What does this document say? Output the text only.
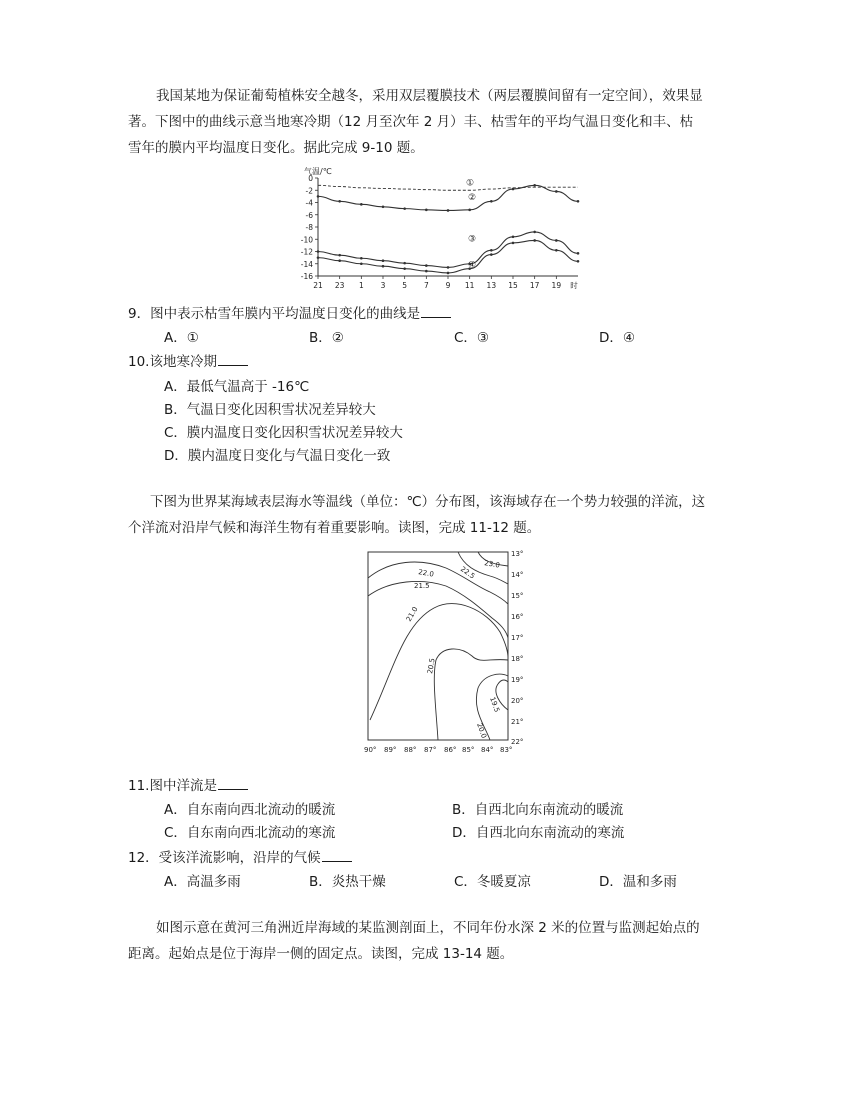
我国某地为保证葡萄植株安全越冬，采用双层覆膜技术（两层覆膜间留有一定空间），效果显
著。下图中的曲线示意当地寒冷期（12 月至次年 2 月）丰、枯雪年的平均气温日变化和丰、枯
雪年的膜内平均温度日变化。据此完成 9-10 题。
气温/℃
0
-2
-4
-6
-8
-10
-12
-14
-16
21 23 1 3 5 7 9 11 13 15 17 19 时
①
②
③
④
9．图中表示枯雪年膜内平均温度日变化的曲线是
A．①	B．②	C．③	D．④
10.该地寒冷期
A．最低气温高于 -16℃
B．气温日变化因积雪状况差异较大
C．膜内温度日变化因积雪状况差异较大
D．膜内温度日变化与气温日变化一致
下图为世界某海域表层海水等温线（单位：℃）分布图，该海域存在一个势力较强的洋流，这
个洋流对沿岸气候和海洋生物有着重要影响。读图，完成 11-12 题。
23.0
22.5
22.0
21.5
21.0
20.5
20.0
19.5
13°
14°
15°
16°
17°
18°
19°
20°
21°
22°
90° 89° 88° 87° 86° 85° 84° 83°
11.图中洋流是
A．自东南向西北流动的暖流	B．自西北向东南流动的暖流
C．自东南向西北流动的寒流	D．自西北向东南流动的寒流
12．受该洋流影响，沿岸的气候
A．高温多雨	B．炎热干燥	C．冬暖夏凉	D．温和多雨
如图示意在黄河三角洲近岸海域的某监测剖面上，不同年份水深 2 米的位置与监测起始点的
距离。起始点是位于海岸一侧的固定点。读图，完成 13-14 题。
